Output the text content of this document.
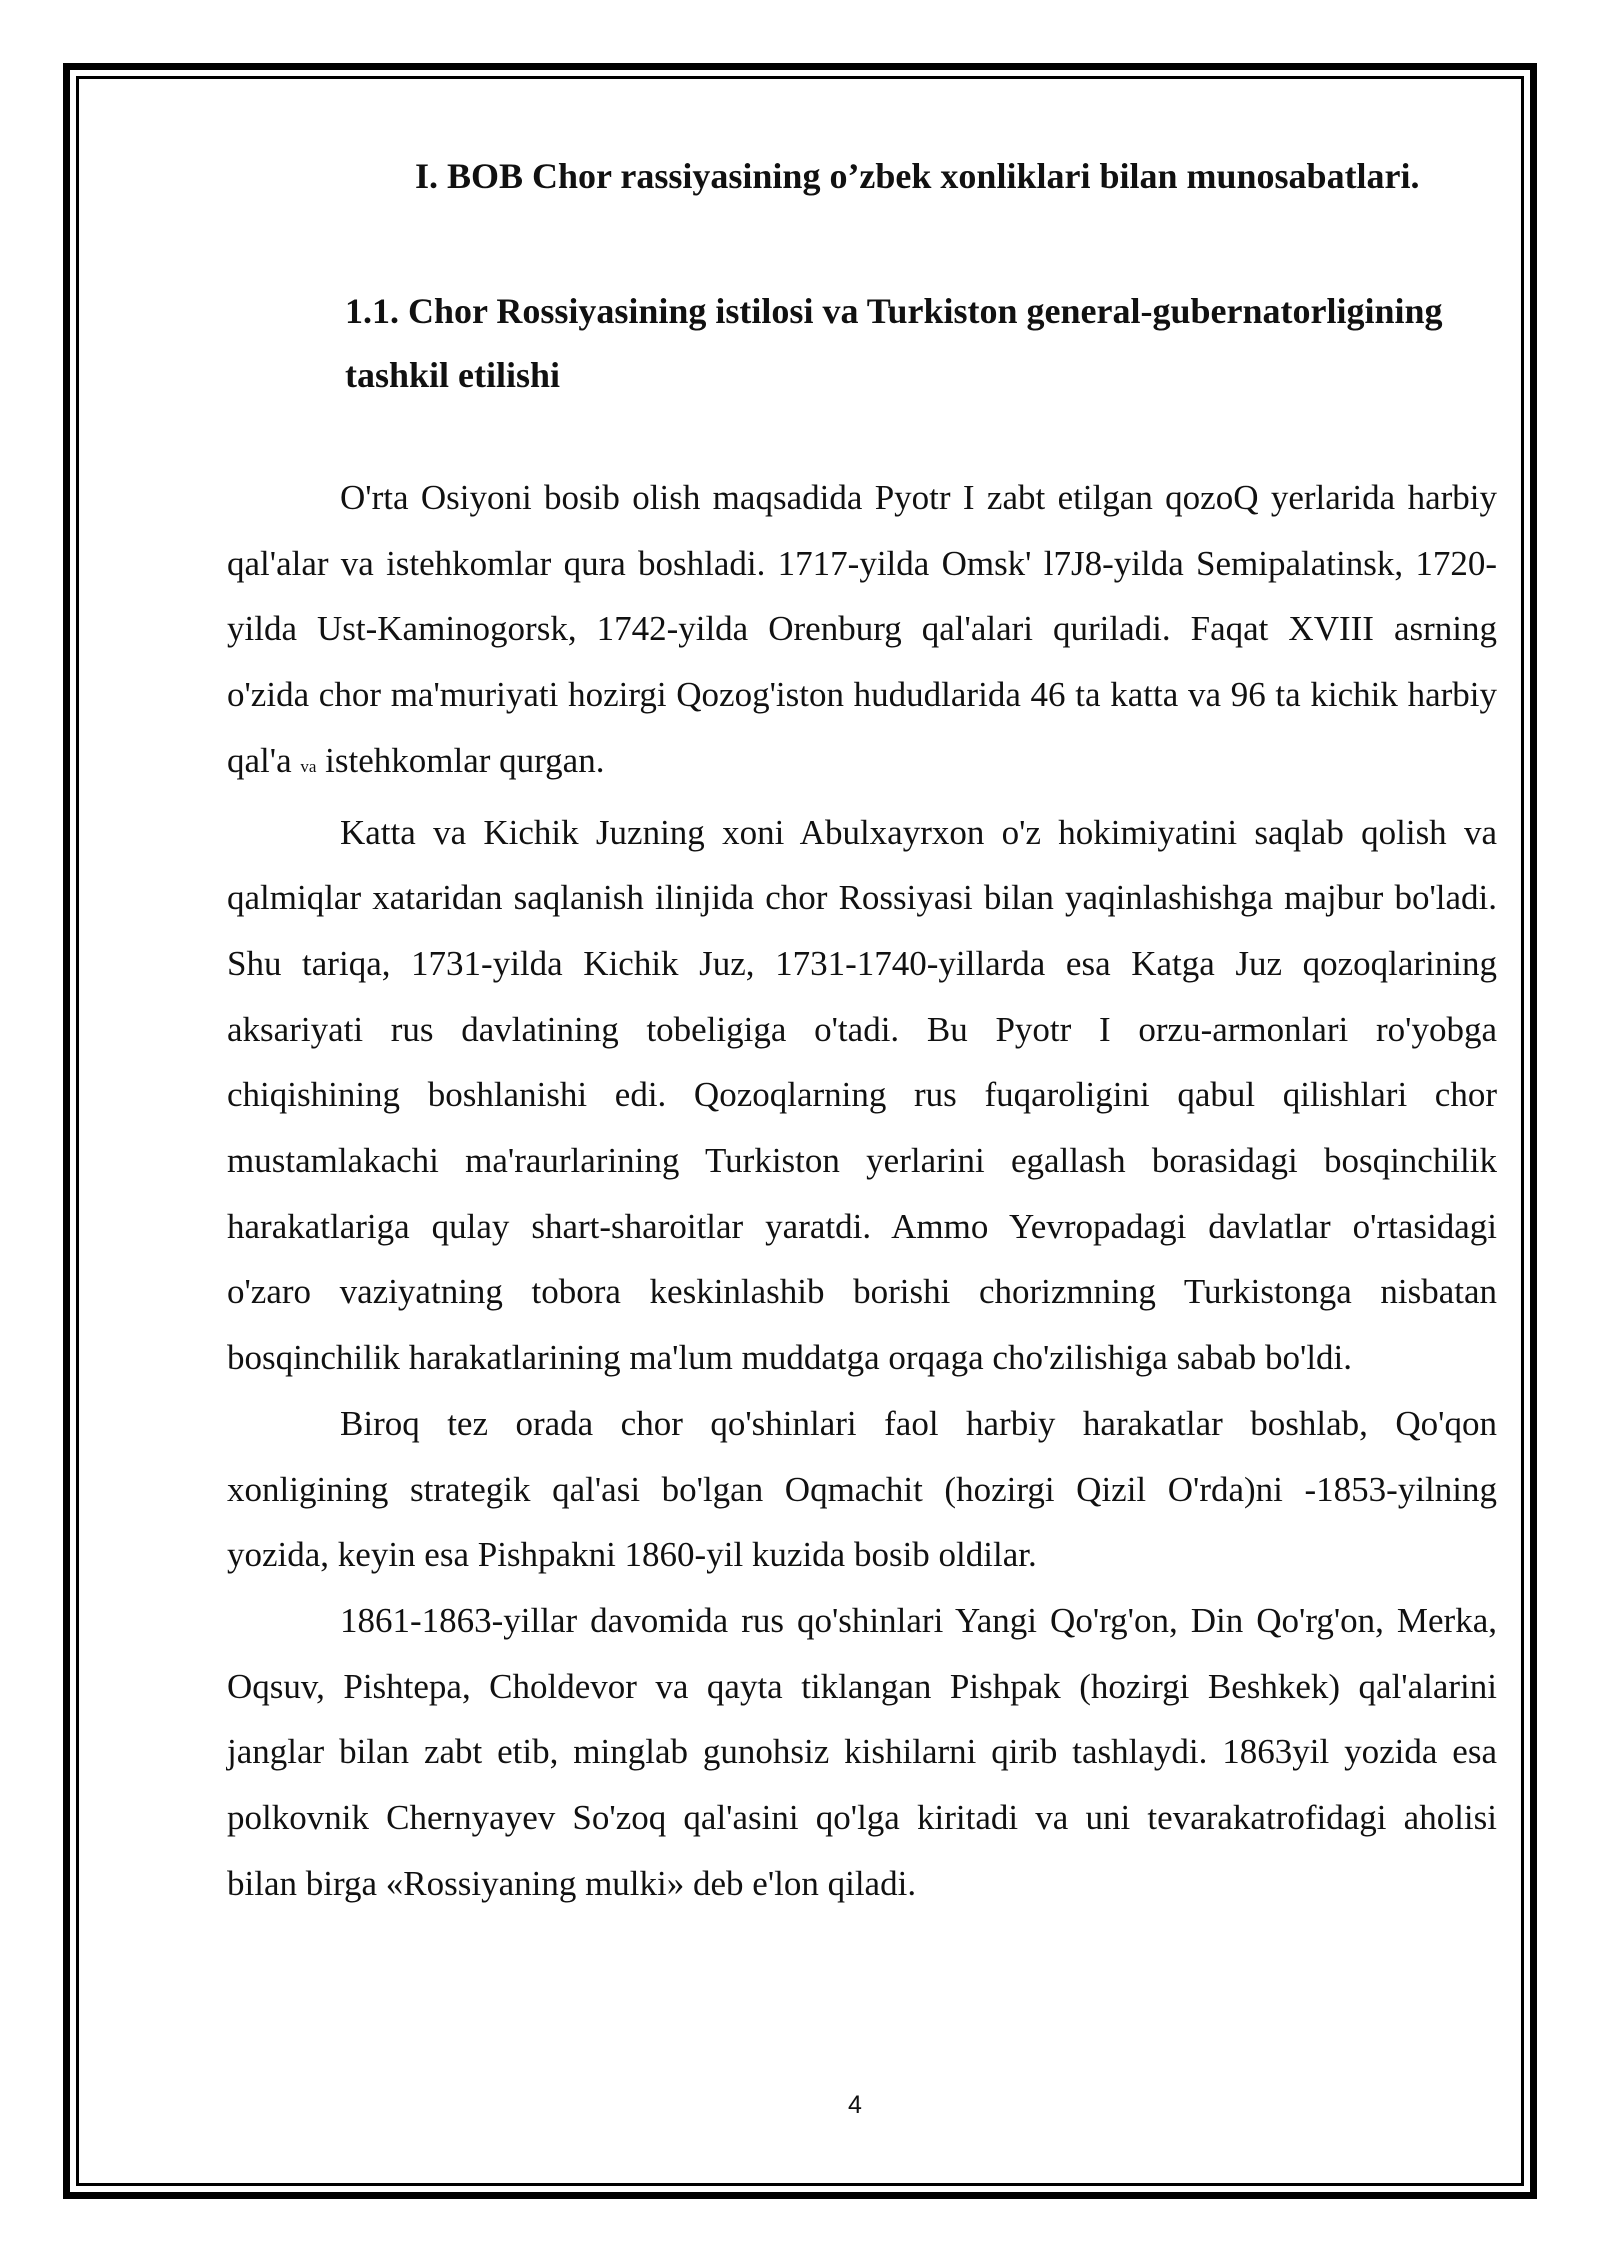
I. BOB Chor rassiyasining o’zbek xonliklari bilan munosabatlari.
1.1. Chor Rossiyasining istilosi va Turkiston general-gubernatorligining tashkil etilishi

O'rta Osiyoni bosib olish maqsadida Pyotr I zabt etilgan qozoQ yerlarida harbiy qal'alar va istehkomlar qura boshladi. 1717-yilda Omsk' l7J8-yilda Semipalatinsk, 1720-yilda Ust-Kaminogorsk, 1742-yilda Orenburg qal'alari quriladi. Faqat XVIII asrning o'zida chor ma'muriyati hozirgi Qozog'iston hududlarida 46 ta katta va 96 ta kichik harbiy qal'a va istehkomlar qurgan.

Katta va Kichik Juzning xoni Abulxayrxon o'z hokimiyatini saqlab qolish va qalmiqlar xataridan saqlanish ilinjida chor Rossiyasi bilan yaqinlashishga majbur bo'ladi. Shu tariqa, 1731-yilda Kichik Juz, 1731-1740-yillarda esa Katga Juz qozoqlarining aksariyati rus davlatining tobeligiga o'tadi. Bu Pyotr I orzu-armonlari ro'yobga chiqishining boshlanishi edi. Qozoqlarning rus fuqaroligini qabul qilishlari chor mustamlakachi ma'raurlarining Turkiston yerlarini egallash borasidagi bosqinchilik harakatlariga qulay shart-sharoitlar yaratdi. Ammo Yevropadagi davlatlar o'rtasidagi o'zaro vaziyatning tobora keskinlashib borishi chorizmning Turkistonga nisbatan bosqinchilik harakatlarining ma'lum muddatga orqaga cho'zilishiga sabab bo'ldi.

Biroq tez orada chor qo'shinlari faol harbiy harakatlar boshlab, Qo'qon xonligining strategik qal'asi bo'lgan Oqmachit (hozirgi Qizil O'rda)ni -1853-yilning yozida, keyin esa Pishpakni 1860-yil kuzida bosib oldilar.

1861-1863-yillar davomida rus qo'shinlari Yangi Qo'rg'on, Din Qo'rg'on, Merka, Oqsuv, Pishtepa, Choldevor va qayta tiklangan Pishpak (hozirgi Beshkek) qal'alarini janglar bilan zabt etib, minglab gunohsiz kishilarni qirib tashlaydi. 1863yil yozida esa polkovnik Chernyayev So'zoq qal'asini qo'lga kiritadi va uni tevarakatrofidagi aholisi bilan birga «Rossiyaning mulki» deb e'lon qiladi.

4
